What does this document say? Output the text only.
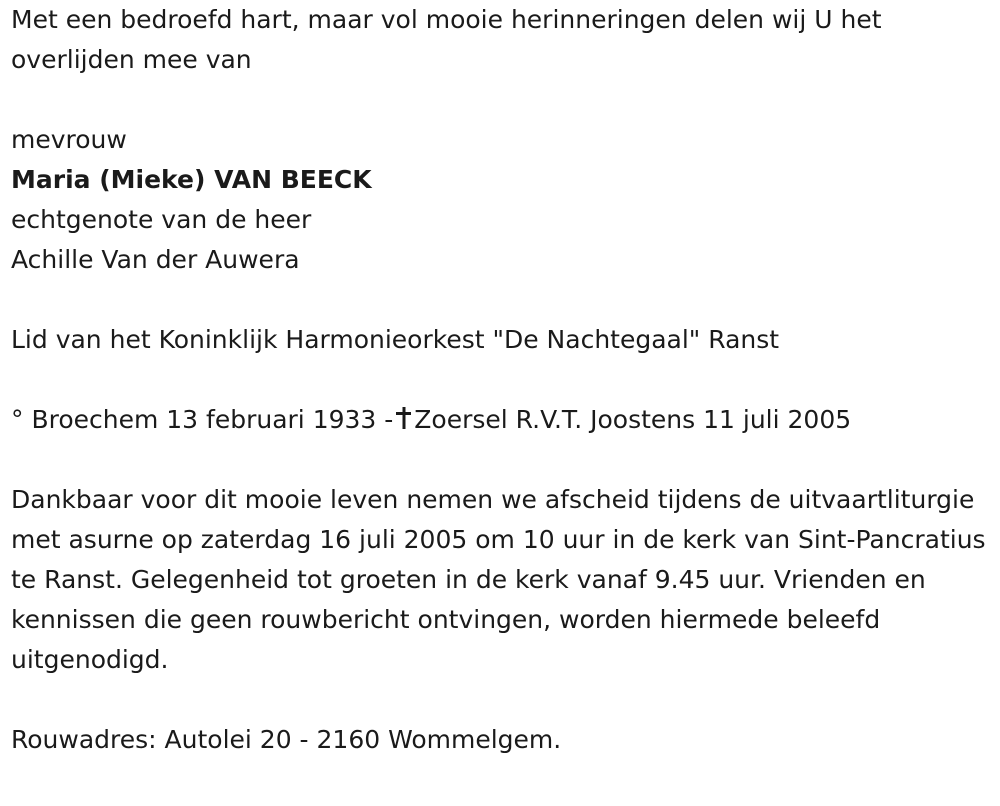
Met een bedroefd hart, maar vol mooie herinneringen delen wij U het overlijden mee van

mevrouw

Maria (Mieke) VAN BEECK

echtgenote van de heer

Achille Van der Auwera

Lid van het Koninklijk Harmonieorkest "De Nachtegaal" Ranst

° Broechem 13 februari 1933 - Zoersel R.V.T. Joostens 11 juli 2005

Dankbaar voor dit mooie leven nemen we afscheid tijdens de uitvaartliturgie met asurne op zaterdag 16 juli 2005 om 10 uur in de kerk van Sint-Pancratius te Ranst. Gelegenheid tot groeten in de kerk vanaf 9.45 uur. Vrienden en kennissen die geen rouwbericht ontvingen, worden hiermede beleefd uitgenodigd.

Rouwadres: Autolei 20 - 2160 Wommelgem.
